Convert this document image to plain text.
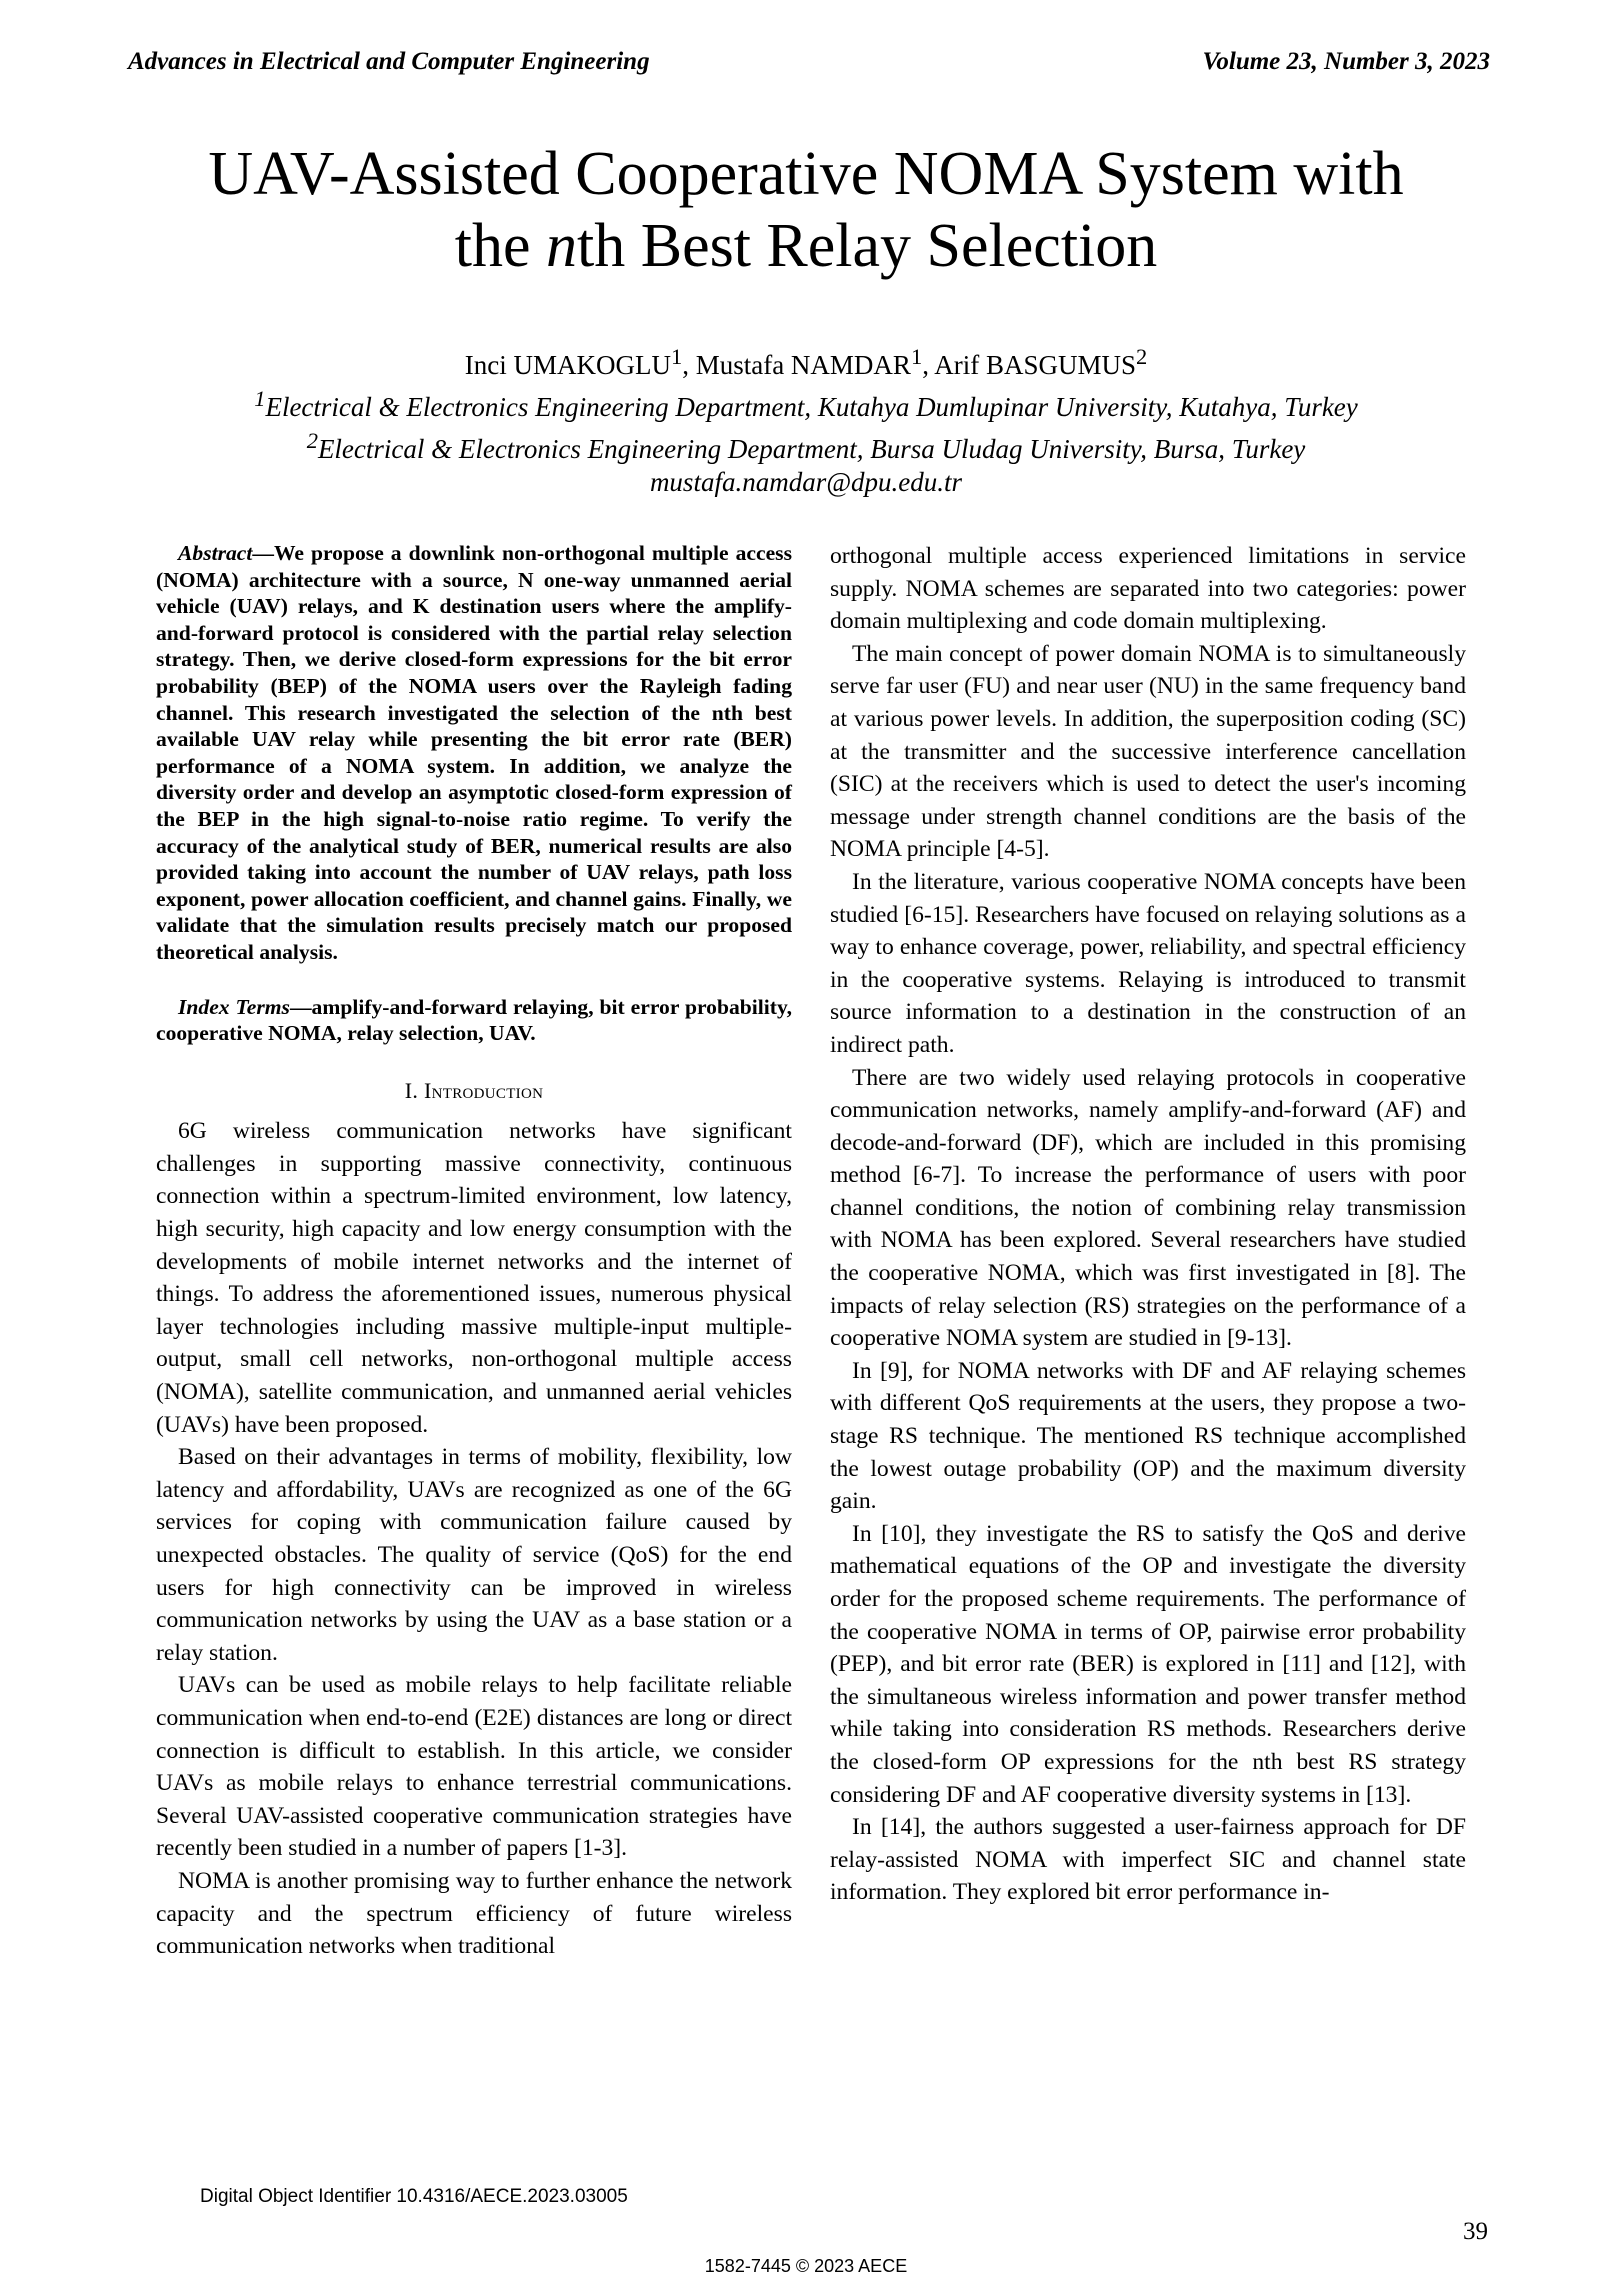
Advances in Electrical and Computer Engineering	Volume 23, Number 3, 2023
UAV-Assisted Cooperative NOMA System with
the nth Best Relay Selection
Inci UMAKOGLU$^1$, Mustafa NAMDAR$^1$, Arif BASGUMUS$^2$
$^1$Electrical & Electronics Engineering Department, Kutahya Dumlupinar University, Kutahya, Turkey
$^2$Electrical & Electronics Engineering Department, Bursa Uludag University, Bursa, Turkey
mustafa.namdar@dpu.edu.tr

Abstract—We propose a downlink non-orthogonal multiple access (NOMA) architecture with a source, N one-way unmanned aerial vehicle (UAV) relays, and K destination users where the amplify-and-forward protocol is considered with the partial relay selection strategy. Then, we derive closed-form expressions for the bit error probability (BEP) of the NOMA users over the Rayleigh fading channel. This research investigated the selection of the nth best available UAV relay while presenting the bit error rate (BER) performance of a NOMA system. In addition, we analyze the diversity order and develop an asymptotic closed-form expression of the BEP in the high signal-to-noise ratio regime. To verify the accuracy of the analytical study of BER, numerical results are also provided taking into account the number of UAV relays, path loss exponent, power allocation coefficient, and channel gains. Finally, we validate that the simulation results precisely match our proposed theoretical analysis.

Index Terms—amplify-and-forward relaying, bit error probability, cooperative NOMA, relay selection, UAV.

I. Introduction

6G wireless communication networks have significant challenges in supporting massive connectivity, continuous connection within a spectrum-limited environment, low latency, high security, high capacity and low energy consumption with the developments of mobile internet networks and the internet of things. To address the aforementioned issues, numerous physical layer technologies including massive multiple-input multiple-output, small cell networks, non-orthogonal multiple access (NOMA), satellite communication, and unmanned aerial vehicles (UAVs) have been proposed.

Based on their advantages in terms of mobility, flexibility, low latency and affordability, UAVs are recognized as one of the 6G services for coping with communication failure caused by unexpected obstacles. The quality of service (QoS) for the end users for high connectivity can be improved in wireless communication networks by using the UAV as a base station or a relay station.

UAVs can be used as mobile relays to help facilitate reliable communication when end-to-end (E2E) distances are long or direct connection is difficult to establish. In this article, we consider UAVs as mobile relays to enhance terrestrial communications. Several UAV-assisted cooperative communication strategies have recently been studied in a number of papers [1-3].

NOMA is another promising way to further enhance the network capacity and the spectrum efficiency of future wireless communication networks when traditional

orthogonal multiple access experienced limitations in service supply. NOMA schemes are separated into two categories: power domain multiplexing and code domain multiplexing.

The main concept of power domain NOMA is to simultaneously serve far user (FU) and near user (NU) in the same frequency band at various power levels. In addition, the superposition coding (SC) at the transmitter and the successive interference cancellation (SIC) at the receivers which is used to detect the user's incoming message under strength channel conditions are the basis of the NOMA principle [4-5].

In the literature, various cooperative NOMA concepts have been studied [6-15]. Researchers have focused on relaying solutions as a way to enhance coverage, power, reliability, and spectral efficiency in the cooperative systems. Relaying is introduced to transmit source information to a destination in the construction of an indirect path.

There are two widely used relaying protocols in cooperative communication networks, namely amplify-and-forward (AF) and decode-and-forward (DF), which are included in this promising method [6-7]. To increase the performance of users with poor channel conditions, the notion of combining relay transmission with NOMA has been explored. Several researchers have studied the cooperative NOMA, which was first investigated in [8]. The impacts of relay selection (RS) strategies on the performance of a cooperative NOMA system are studied in [9-13].

In [9], for NOMA networks with DF and AF relaying schemes with different QoS requirements at the users, they propose a two-stage RS technique. The mentioned RS technique accomplished the lowest outage probability (OP) and the maximum diversity gain.

In [10], they investigate the RS to satisfy the QoS and derive mathematical equations of the OP and investigate the diversity order for the proposed scheme requirements. The performance of the cooperative NOMA in terms of OP, pairwise error probability (PEP), and bit error rate (BER) is explored in [11] and [12], with the simultaneous wireless information and power transfer method while taking into consideration RS methods. Researchers derive the closed-form OP expressions for the nth best RS strategy considering DF and AF cooperative diversity systems in [13].

In [14], the authors suggested a user-fairness approach for DF relay-assisted NOMA with imperfect SIC and channel state information. They explored bit error performance in-

Digital Object Identifier 10.4316/AECE.2023.03005
39
1582-7445 © 2023 AECE
